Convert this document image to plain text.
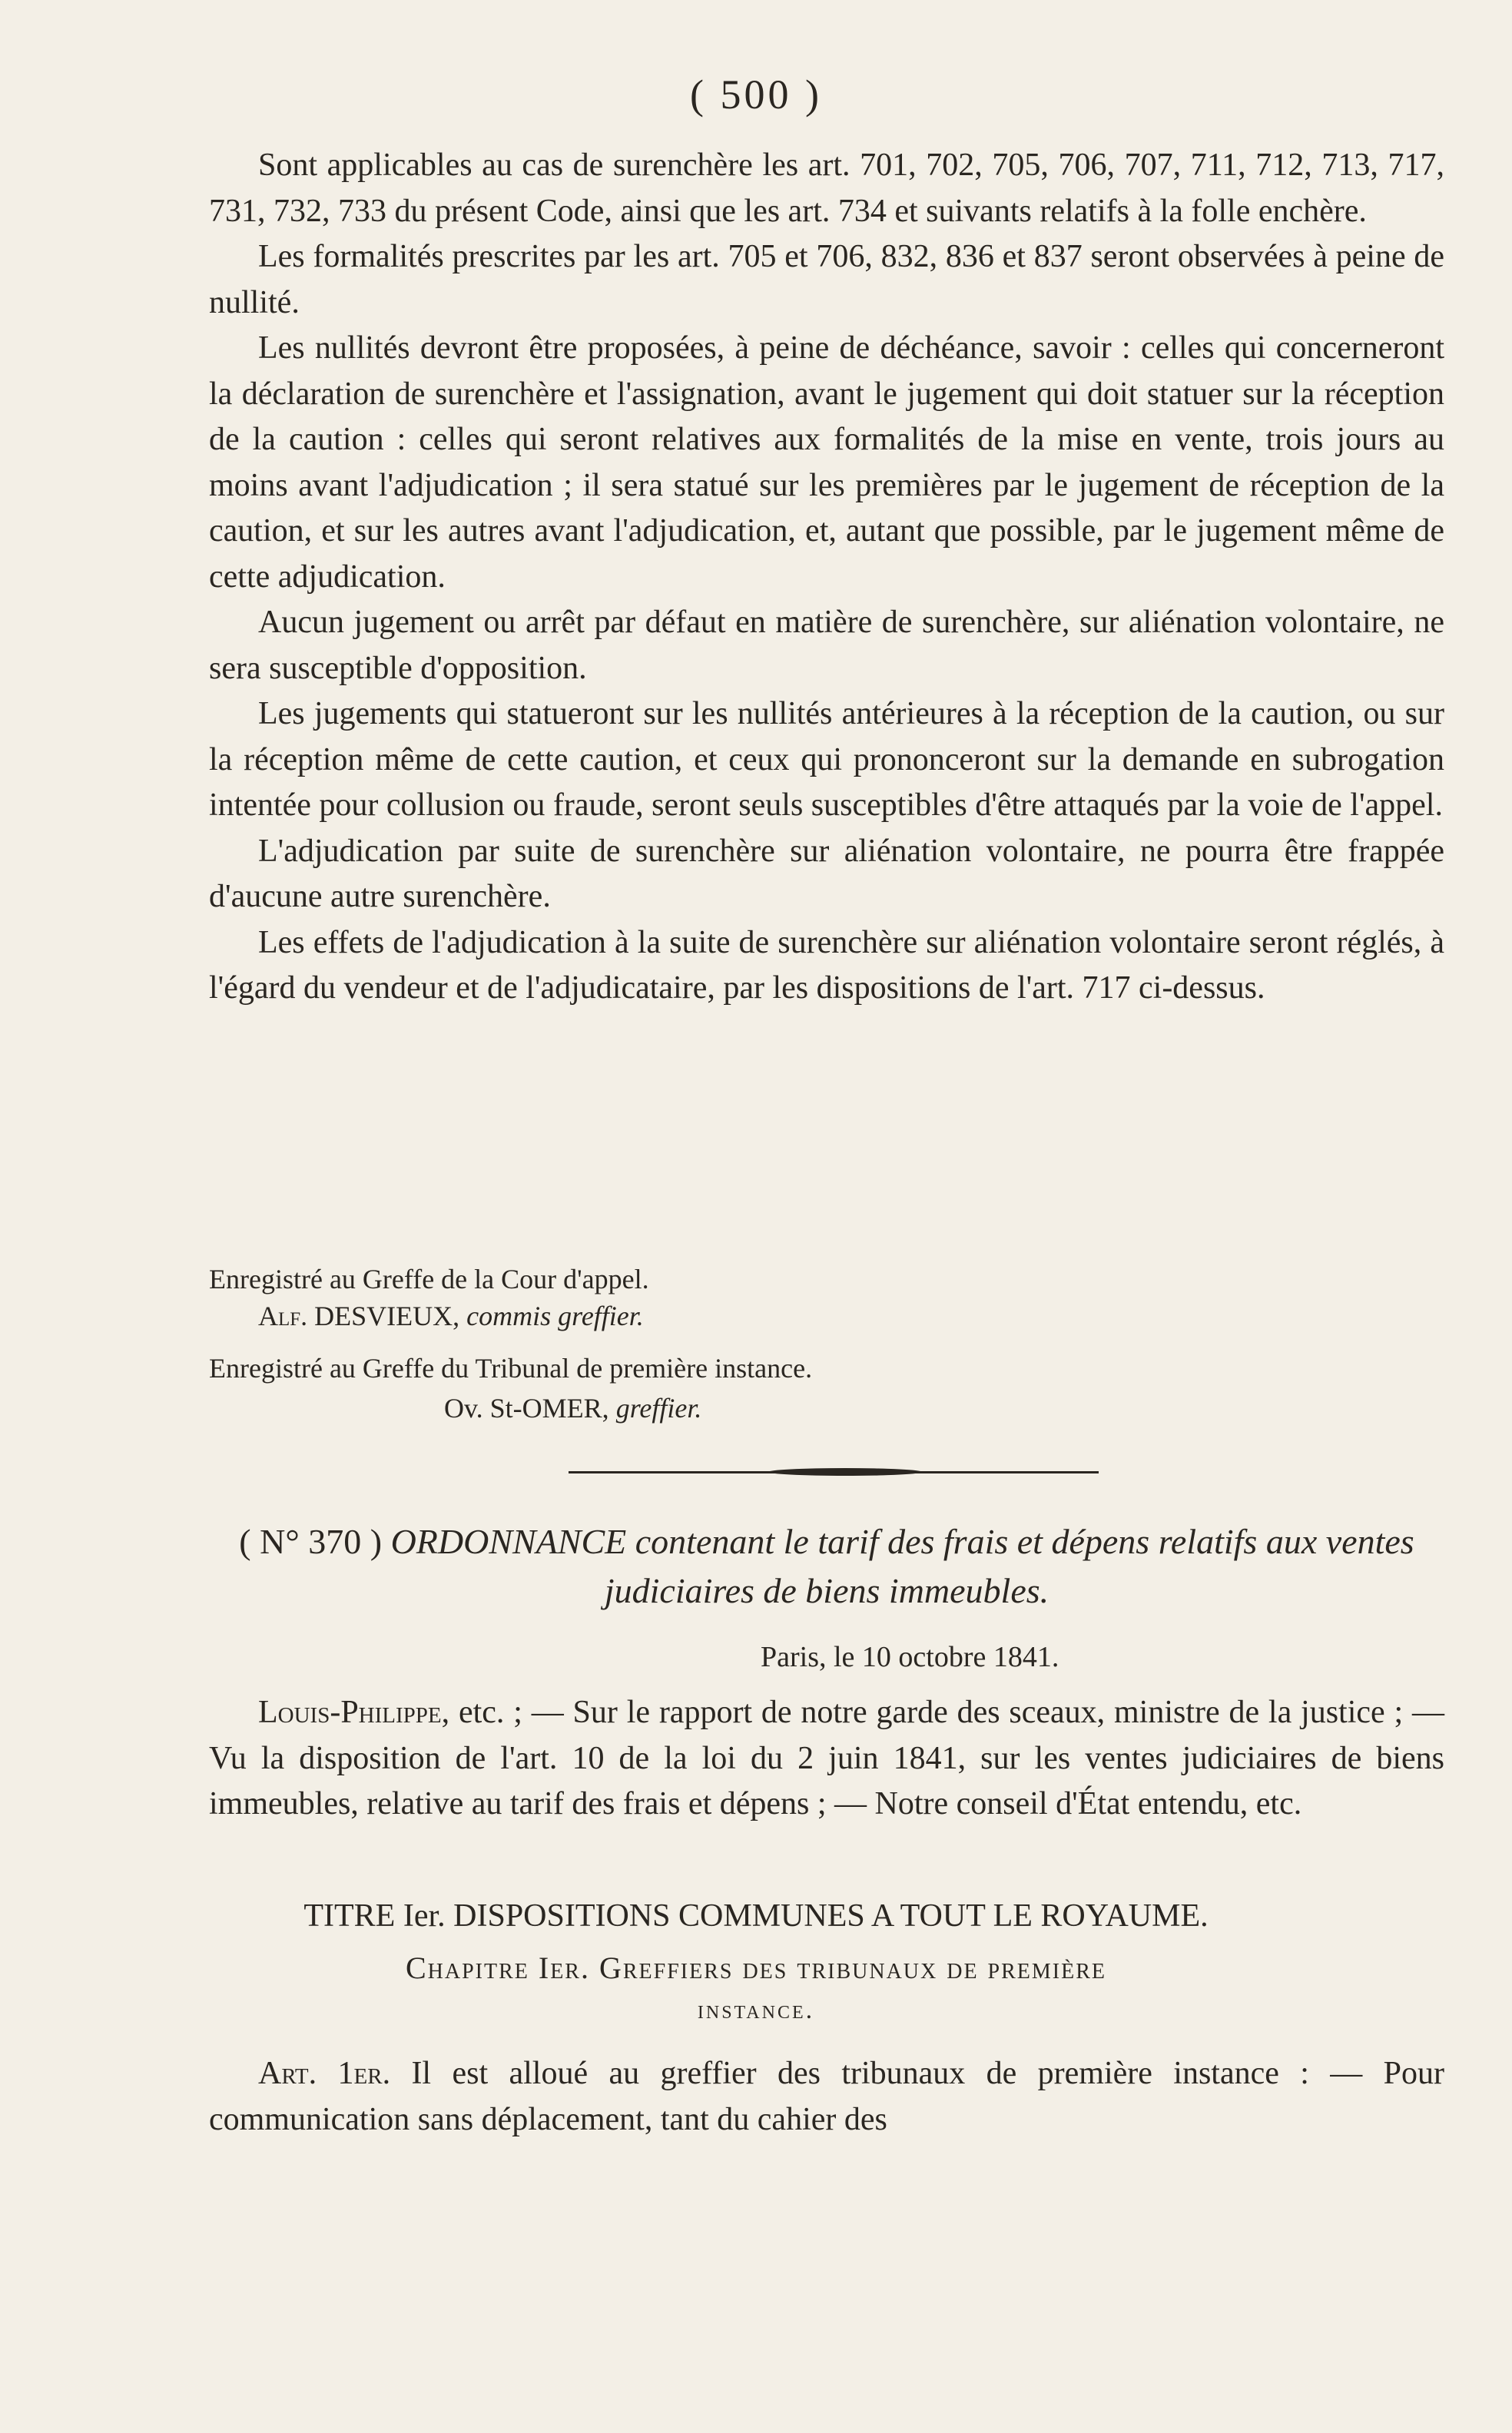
( 500 )

Sont applicables au cas de surenchère les art. 701, 702, 705, 706, 707, 711, 712, 713, 717, 731, 732, 733 du présent Code, ainsi que les art. 734 et suivants relatifs à la folle enchère.

Les formalités prescrites par les art. 705 et 706, 832, 836 et 837 seront observées à peine de nullité.

Les nullités devront être proposées, à peine de déchéance, savoir : celles qui concerneront la déclaration de surenchère et l'assignation, avant le jugement qui doit statuer sur la réception de la caution : celles qui seront relatives aux formalités de la mise en vente, trois jours au moins avant l'adjudication ; il sera statué sur les premières par le jugement de réception de la caution, et sur les autres avant l'adjudication, et, autant que possible, par le jugement même de cette adjudication.

Aucun jugement ou arrêt par défaut en matière de surenchère, sur aliénation volontaire, ne sera susceptible d'opposition.

Les jugements qui statueront sur les nullités antérieures à la réception de la caution, ou sur la réception même de cette caution, et ceux qui prononceront sur la demande en subrogation intentée pour collusion ou fraude, seront seuls susceptibles d'être attaqués par la voie de l'appel.

L'adjudication par suite de surenchère sur aliénation volontaire, ne pourra être frappée d'aucune autre surenchère.

Les effets de l'adjudication à la suite de surenchère sur aliénation volontaire seront réglés, à l'égard du vendeur et de l'adjudicataire, par les dispositions de l'art. 717 ci-dessus.

Enregistré au Greffe de la Cour d'appel.
Alf. DESVIEUX, commis greffier.
Enregistré au Greffe du Tribunal de première instance.
Ov. St-OMER, greffier.
( N° 370 ) ORDONNANCE contenant le tarif des frais et dépens relatifs aux ventes judiciaires de biens immeubles.
Paris, le 10 octobre 1841.

Louis-Philippe, etc. ; — Sur le rapport de notre garde des sceaux, ministre de la justice ; — Vu la disposition de l'art. 10 de la loi du 2 juin 1841, sur les ventes judiciaires de biens immeubles, relative au tarif des frais et dépens ; — Notre conseil d'État entendu, etc.

TITRE Ier. DISPOSITIONS COMMUNES A TOUT LE ROYAUME.
Chapitre Ier. Greffiers des tribunaux de première
instance.

Art. 1er. Il est alloué au greffier des tribunaux de première instance : — Pour communication sans déplacement, tant du cahier des
